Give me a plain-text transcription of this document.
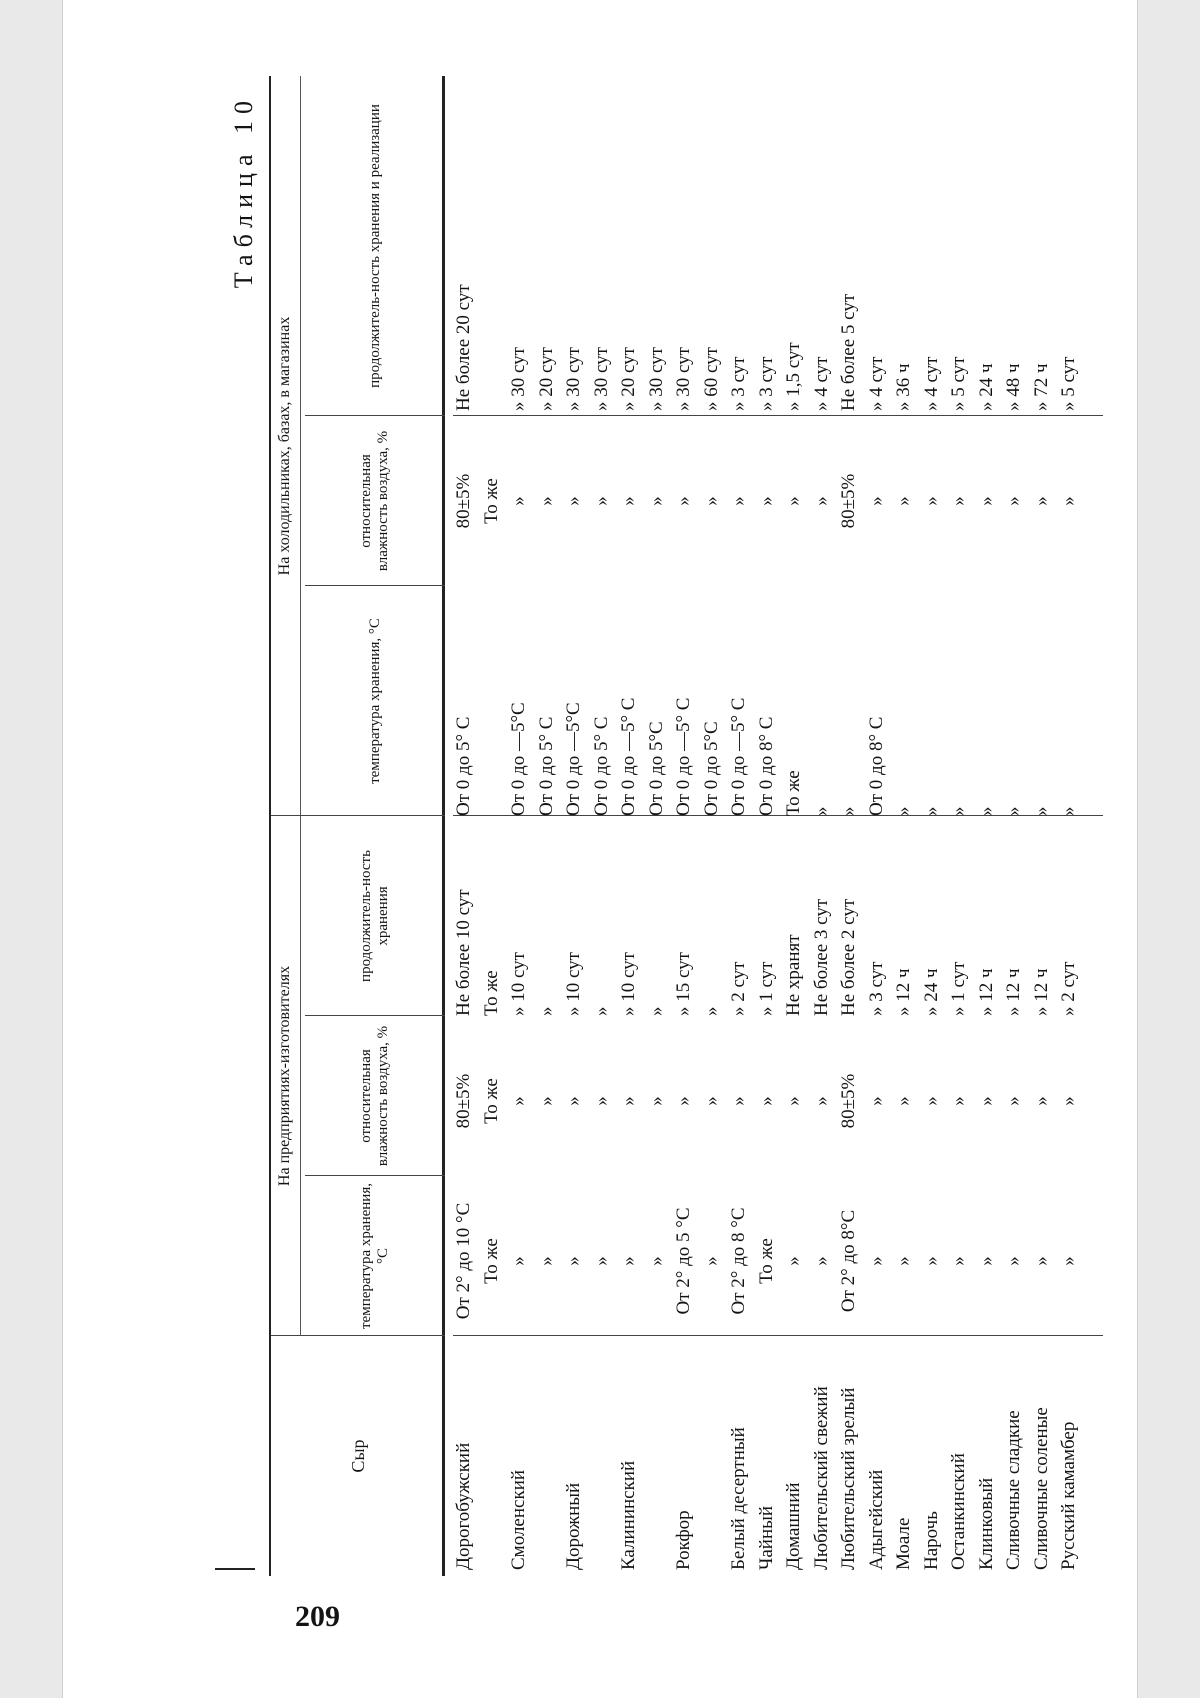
Таблица 10
Сыр
На предприятиях-изготовителях
На холодильниках, базах, в магазинах
температура хранения, °С
относительная влажность воздуха, %
продолжитель-ность хранения
температура хранения, °С
относительная влажность воздуха, %
продолжитель-ность хранения и реализации
Дорогобужский
От 2° до 10 °С
80±5%
Не более 10 сут
От 0 до 5° С
80±5%
Не более 20 сут
То же
То же
То же
То же
Смоленский
»
»
» 10 сут
От 0 до —5°С
»
» 30 сут
»
»
»
От 0 до 5° С
»
» 20 сут
Дорожный
»
»
» 10 сут
От 0 до —5°С
»
» 30 сут
»
»
»
От 0 до 5° С
»
» 30 сут
Калининский
»
»
» 10 сут
От 0 до —5° С
»
» 20 сут
»
»
»
От 0 до 5°С
»
» 30 сут
Рокфор
От 2° до 5 °С
»
» 15 сут
От 0 до —5° С
»
» 30 сут
»
»
»
От 0 до 5°С
»
» 60 сут
Белый десертный
От 2° до 8 °С
»
» 2 сут
От 0 до —5° С
»
» 3 сут
Чайный
То же
»
» 1 сут
От 0 до 8° С
»
» 3 сут
Домашний
»
»
Не хранят
То же
»
» 1,5 сут
Любительский свежий
»
»
Не более 3 сут
»
»
» 4 сут
Любительский зрелый
От 2° до 8°С
80±5%
Не более 2 сут
»
80±5%
Не более 5 сут
Адыгейский
»
»
» 3 сут
От 0 до 8° С
»
» 4 сут
Моале
»
»
» 12 ч
»
»
» 36 ч
Нарочь
»
»
» 24 ч
»
»
» 4 сут
Останкинский
»
»
» 1 сут
»
»
» 5 сут
Клинковый
»
»
» 12 ч
»
»
» 24 ч
Сливочные сладкие
»
»
» 12 ч
»
»
» 48 ч
Сливочные соленые
»
»
» 12 ч
»
»
» 72 ч
Русский камамбер
»
»
» 2 сут
»
»
» 5 сут
209
